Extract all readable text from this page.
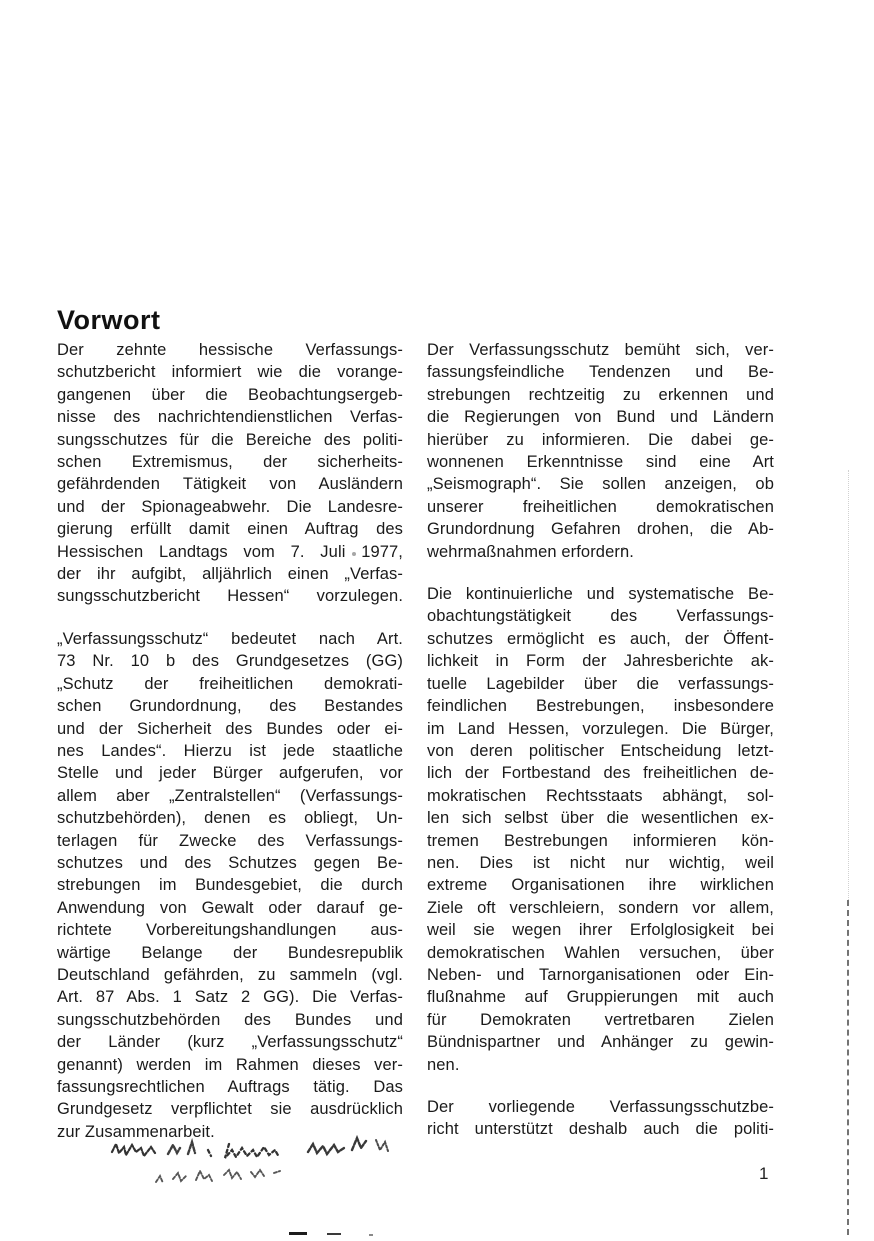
Vorwort
Der zehnte hessische Verfassungs-
schutzbericht informiert wie die vorange-
gangenen über die Beobachtungsergeb-
nisse des nachrichtendienstlichen Verfas-
sungsschutzes für die Bereiche des politi-
schen Extremismus, der sicherheits-
gefährdenden Tätigkeit von Ausländern
und der Spionageabwehr. Die Landesre-
gierung erfüllt damit einen Auftrag des
Hessischen Landtags vom 7. Juli 1977,
der ihr aufgibt, alljährlich einen „Verfas-
sungsschutzbericht Hessen“ vorzulegen.
„Verfassungsschutz“ bedeutet nach Art.
73 Nr. 10 b des Grundgesetzes (GG)
„Schutz der freiheitlichen demokrati-
schen Grundordnung, des Bestandes
und der Sicherheit des Bundes oder ei-
nes Landes“. Hierzu ist jede staatliche
Stelle und jeder Bürger aufgerufen, vor
allem aber „Zentralstellen“ (Verfassungs-
schutzbehörden), denen es obliegt, Un-
terlagen für Zwecke des Verfassungs-
schutzes und des Schutzes gegen Be-
strebungen im Bundesgebiet, die durch
Anwendung von Gewalt oder darauf ge-
richtete Vorbereitungshandlungen aus-
wärtige Belange der Bundesrepublik
Deutschland gefährden, zu sammeln (vgl.
Art. 87 Abs. 1 Satz 2 GG). Die Verfas-
sungsschutzbehörden des Bundes und
der Länder (kurz „Verfassungsschutz“
genannt) werden im Rahmen dieses ver-
fassungsrechtlichen Auftrags tätig. Das
Grundgesetz verpflichtet sie ausdrücklich
zur Zusammenarbeit.
Der Verfassungsschutz bemüht sich, ver-
fassungsfeindliche Tendenzen und Be-
strebungen rechtzeitig zu erkennen und
die Regierungen von Bund und Ländern
hierüber zu informieren. Die dabei ge-
wonnenen Erkenntnisse sind eine Art
„Seismograph“. Sie sollen anzeigen, ob
unserer freiheitlichen demokratischen
Grundordnung Gefahren drohen, die Ab-
wehrmaßnahmen erfordern.
Die kontinuierliche und systematische Be-
obachtungstätigkeit des Verfassungs-
schutzes ermöglicht es auch, der Öffent-
lichkeit in Form der Jahresberichte ak-
tuelle Lagebilder über die verfassungs-
feindlichen Bestrebungen, insbesondere
im Land Hessen, vorzulegen. Die Bürger,
von deren politischer Entscheidung letzt-
lich der Fortbestand des freiheitlichen de-
mokratischen Rechtsstaats abhängt, sol-
len sich selbst über die wesentlichen ex-
tremen Bestrebungen informieren kön-
nen. Dies ist nicht nur wichtig, weil
extreme Organisationen ihre wirklichen
Ziele oft verschleiern, sondern vor allem,
weil sie wegen ihrer Erfolglosigkeit bei
demokratischen Wahlen versuchen, über
Neben- und Tarnorganisationen oder Ein-
flußnahme auf Gruppierungen mit auch
für Demokraten vertretbaren Zielen
Bündnispartner und Anhänger zu gewin-
nen.
Der vorliegende Verfassungsschutzbe-
richt unterstützt deshalb auch die politi-
1
